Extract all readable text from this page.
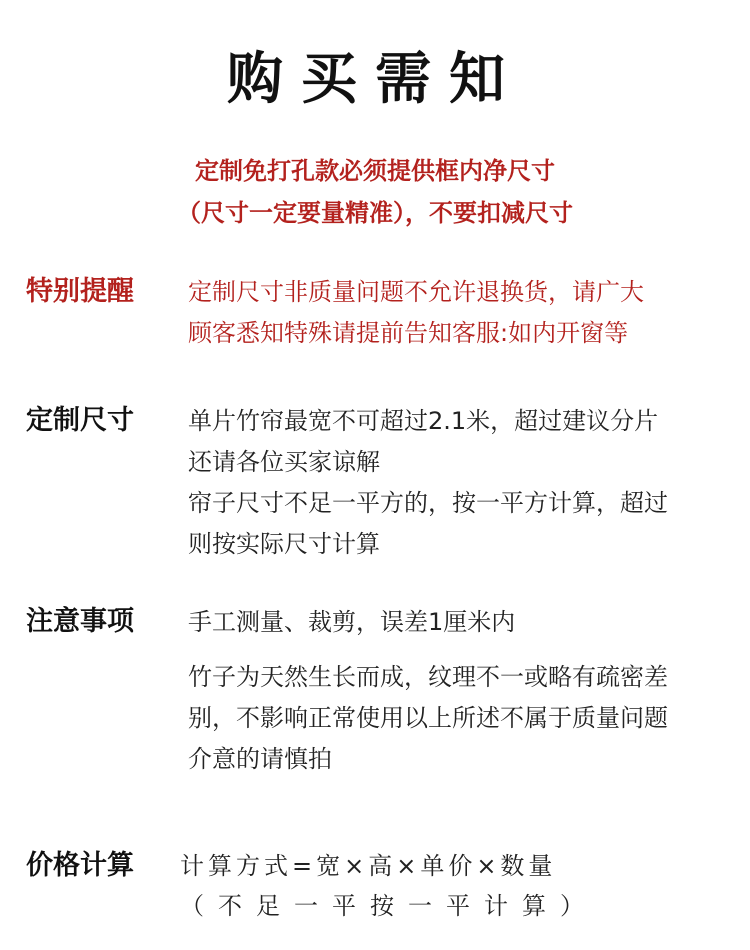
购买需知
定制免打孔款必须提供框内净尺寸
（尺寸一定要量精准），不要扣减尺寸
特别提醒 定制尺寸非质量问题不允许退换货，请广大
顾客悉知特殊请提前告知客服:如内开窗等
定制尺寸 单片竹帘最宽不可超过2.1米，超过建议分片
还请各位买家谅解
帘子尺寸不足一平方的，按一平方计算，超过
则按实际尺寸计算
注意事项 手工测量、裁剪，误差1厘米内
竹子为天然生长而成，纹理不一或略有疏密差
别，不影响正常使用以上所述不属于质量问题
介意的请慎拍
价格计算 计算方式=宽×高×单价×数量
（不足一平按一平计算）
